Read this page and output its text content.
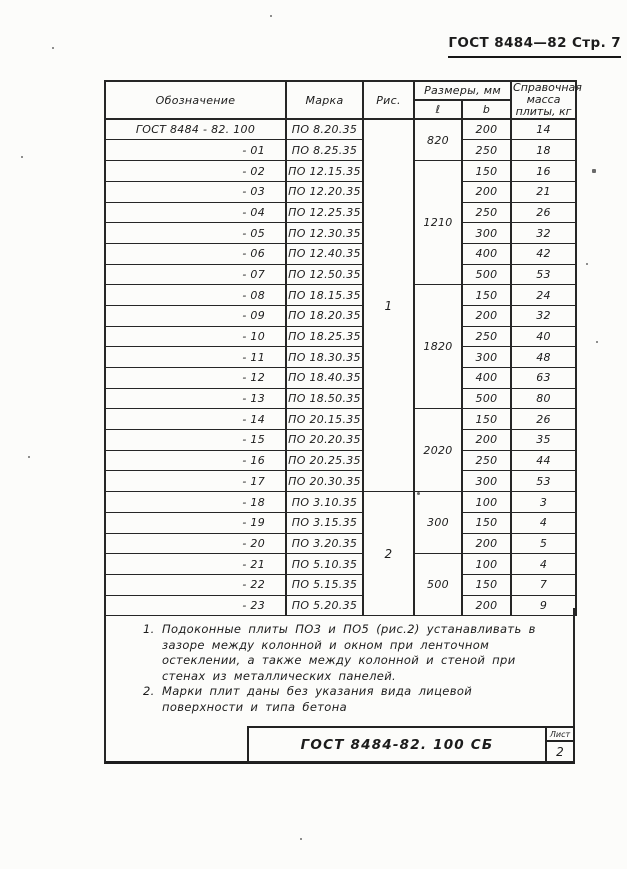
ГОСТ 8484—82 Стр. 7
Обозначение	Марка	Рис.	Размеры, мм		Справочная масса плиты, кг
			ℓ	b	
ГОСТ 8484 - 82. 100	ПО 8.20.35	1	820	200	14
- 01	ПО 8.25.35			250	18
- 02	ПО 12.15.35		1210	150	16
- 03	ПО 12.20.35			200	21
- 04	ПО 12.25.35			250	26
- 05	ПО 12.30.35			300	32
- 06	ПО 12.40.35			400	42
- 07	ПО 12.50.35			500	53
- 08	ПО 18.15.35		1820	150	24
- 09	ПО 18.20.35			200	32
- 10	ПО 18.25.35			250	40
- 11	ПО 18.30.35			300	48
- 12	ПО 18.40.35			400	63
- 13	ПО 18.50.35			500	80
- 14	ПО 20.15.35		2020	150	26
- 15	ПО 20.20.35			200	35
- 16	ПО 20.25.35			250	44
- 17	ПО 20.30.35			300	53
- 18	ПО 3.10.35	2	300	100	3
- 19	ПО 3.15.35			150	4
- 20	ПО 3.20.35			200	5
- 21	ПО 5.10.35		500	100	4
- 22	ПО 5.15.35			150	7
- 23	ПО 5.20.35			200	9
1. Подоконные плиты ПО3 и ПО5 (рис.2) устанавливать в зазоре между колонной и окном при ленточном остеклении, а также между колонной и стеной при стенах из металлических панелей.
2. Марки плит даны без указания вида лицевой поверхности и типа бетона
ГОСТ 8484-82. 100 СБ
Лист
2
